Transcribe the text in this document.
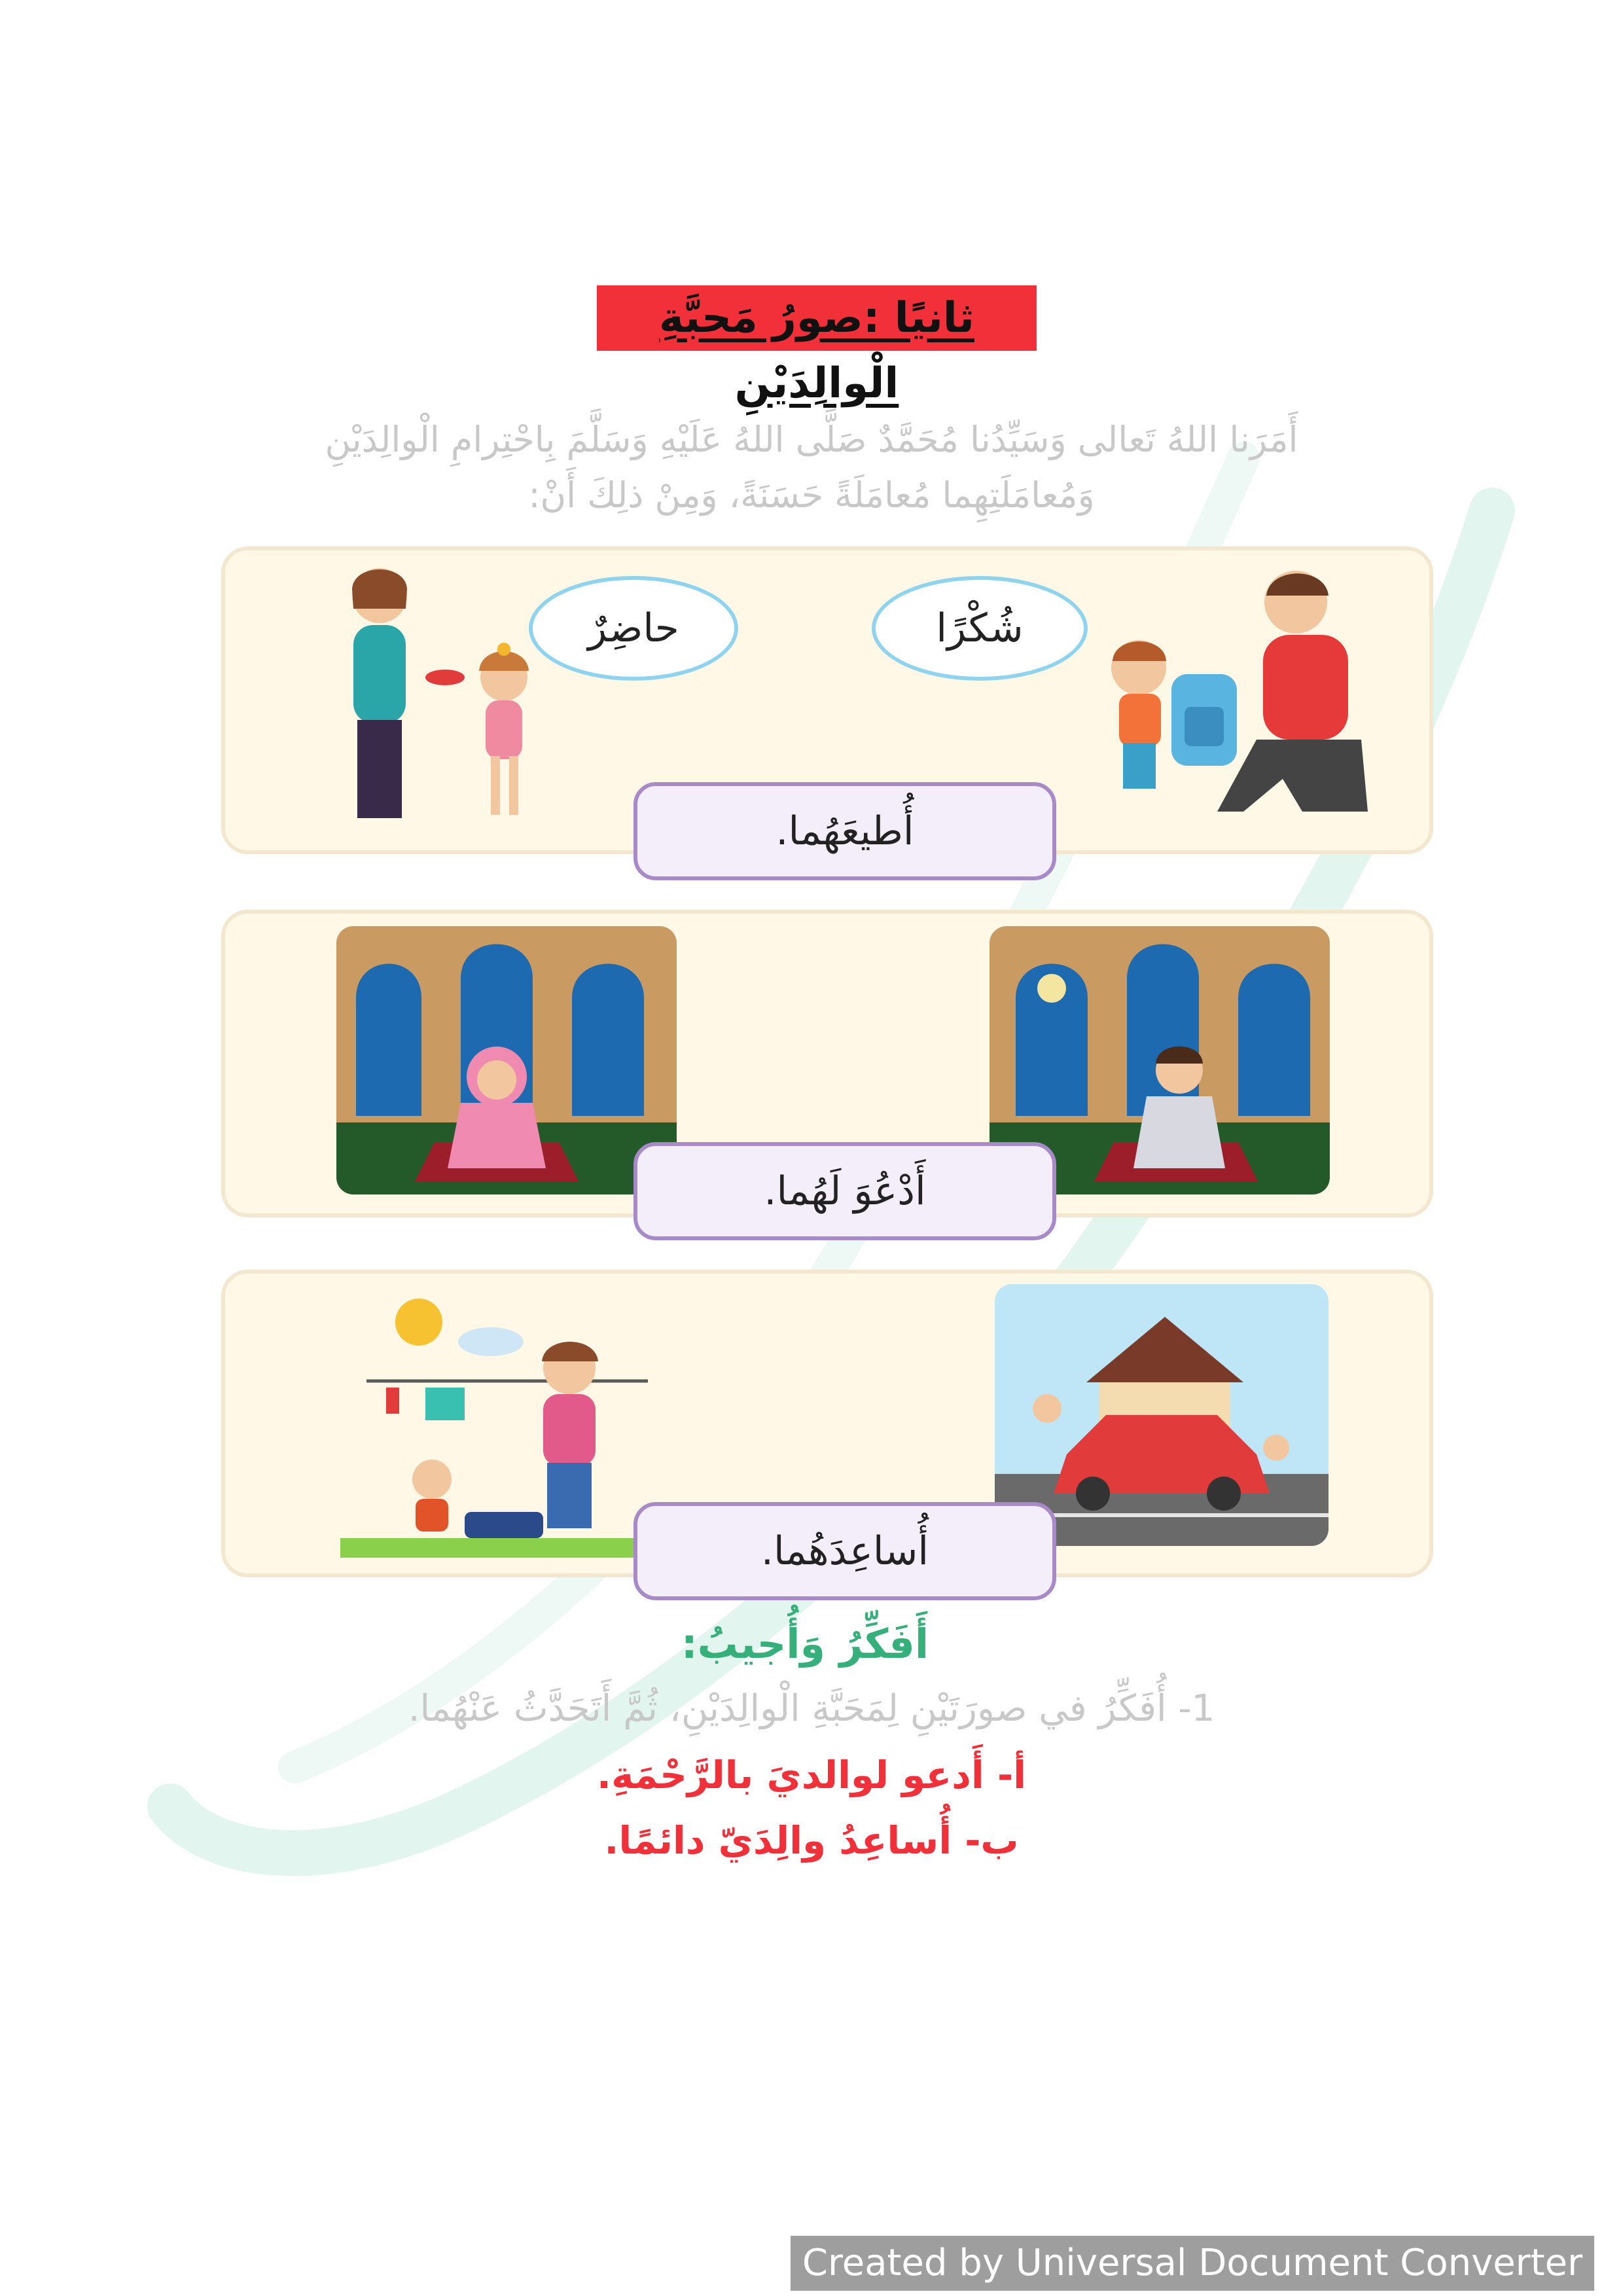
ثانيًا :صورُ مَحبَّةِ الْوالِدَيْنِ
أَمَرَنا اللهُ تَعالى وَسَيِّدُنا مُحَمَّدٌ صَلَّى اللهُ عَلَيْهِ وَسَلَّمَ بِاحْتِرامِ الْوالِدَيْنِ
وَمُعامَلَتِهِما مُعامَلَةً حَسَنَةً، وَمِنْ ذلِكَ أَنْ:
حاضِرٌ	شُكْرًا
أُطيعَهُما.
أَدْعُوَ لَهُما.
أُساعِدَهُما.
أَفَكِّرُ وَأُجيبُ:
1- أُفَكِّرُ في صورَتَيْنِ لِمَحَبَّةِ الْوالِدَيْنِ، ثُمَّ أَتَحَدَّثُ عَنْهُما.
أ- أَدعو لوالديَ بالرَّحْمَةِ.
ب- أُساعِدُ والِدَيّ دائمًا.
Created by Universal Document Converter
